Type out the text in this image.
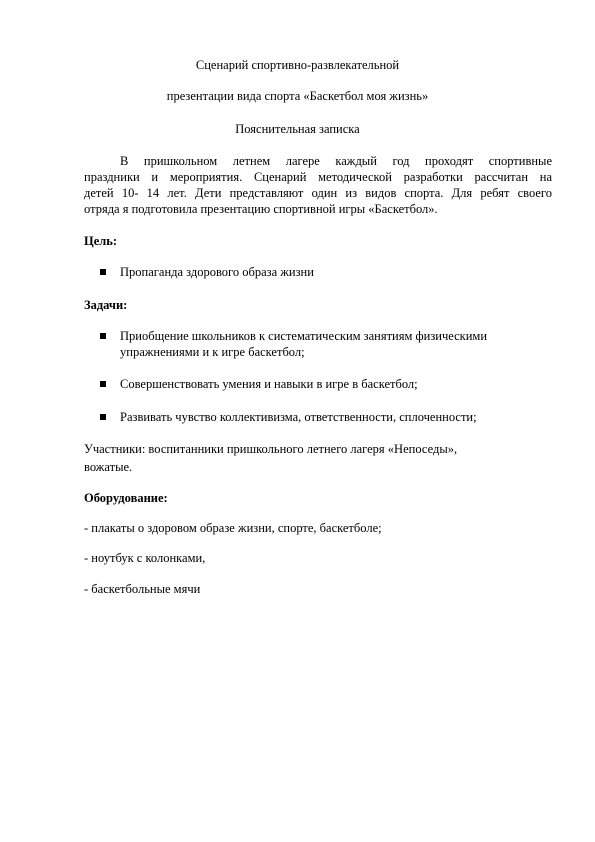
Сценарий спортивно-развлекательной
презентации вида спорта «Баскетбол моя жизнь»
Пояснительная записка
В пришкольном летнем лагере каждый год проходят спортивные
праздники и мероприятия. Сценарий методической разработки рассчитан на
детей 10- 14 лет. Дети представляют один из видов спорта. Для ребят своего
отряда я подготовила презентацию спортивной игры «Баскетбол».
Цель:
Пропаганда здорового образа жизни
Задачи:
Приобщение школьников к систематическим занятиям физическими
упражнениями и к игре баскетбол;
Совершенствовать умения и навыки в игре в баскетбол;
Развивать чувство коллективизма, ответственности, сплоченности;
Участники: воспитанники пришкольного летнего лагеря «Непоседы»,
вожатые.
Оборудование:
- плакаты о здоровом образе жизни, спорте, баскетболе;
- ноутбук с колонками,
- баскетбольные мячи
